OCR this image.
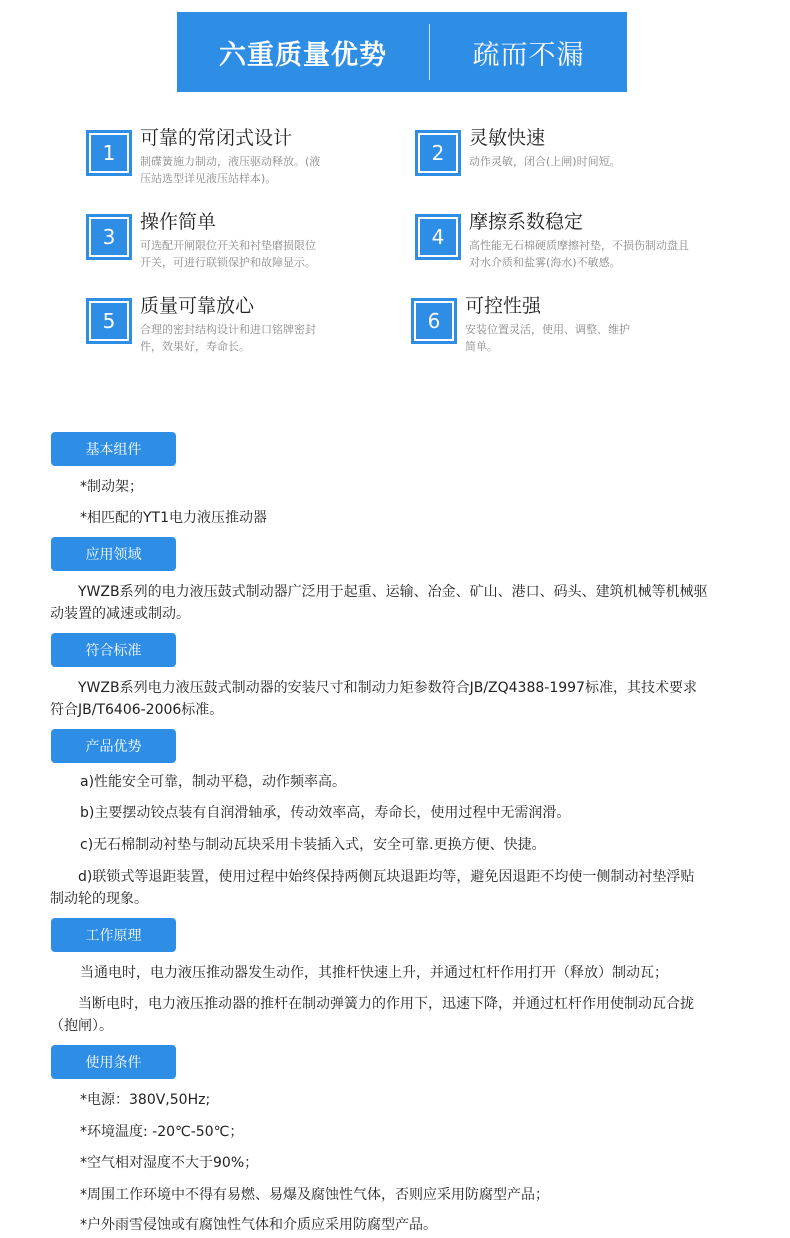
六重质量优势	疏而不漏
1
可靠的常闭式设计
制碟簧施力制动，液压驱动释放。(液
压站选型详见液压站样本)。
2
灵敏快速
动作灵敏，闭合(上闸)时间短。
3
操作简单
可选配开闸限位开关和衬垫磨损限位
开关，可进行联锁保护和故障显示。
4
摩擦系数稳定
高性能无石棉硬质摩擦衬垫，不损伤制动盘且
对水介质和盐雾(海水)不敏感。
5
质量可靠放心
合理的密封结构设计和进口铭牌密封
件，效果好，寿命长。
6
可控性强
安装位置灵活，使用、调整、维护
简单。
基本组件
*制动架；
*相匹配的YT1电力液压推动器
应用领域
　　YWZB系列的电力液压鼓式制动器广泛用于起重、运输、冶金、矿山、港口、码头、建筑机械等机械驱
动装置的减速或制动。
符合标准
　　YWZB系列电力液压鼓式制动器的安装尺寸和制动力矩参数符合JB/ZQ4388-1997标准，其技术要求
符合JB/T6406-2006标准。
产品优势
a)性能安全可靠，制动平稳，动作频率高。
b)主要摆动铰点装有自润滑轴承，传动效率高，寿命长，使用过程中无需润滑。
c)无石棉制动衬垫与制动瓦块采用卡装插入式，安全可靠.更换方便、快捷。
　　d)联锁式等退距装置，使用过程中始终保持两侧瓦块退距均等，避免因退距不均使一侧制动衬垫浮贴
制动轮的现象。
工作原理
当通电时，电力液压推动器发生动作，其推杆快速上升，并通过杠杆作用打开（释放）制动瓦；
　　当断电时，电力液压推动器的推杆在制动弹簧力的作用下，迅速下降，并通过杠杆作用使制动瓦合拢
（抱闸）。
使用条件
*电源：380V,50Hz;
*环境温度: -20℃-50℃；
*空气相对湿度不大于90%；
*周围工作环境中不得有易燃、易爆及腐蚀性气体，否则应采用防腐型产品；
*户外雨雪侵蚀或有腐蚀性气体和介质应采用防腐型产品。
